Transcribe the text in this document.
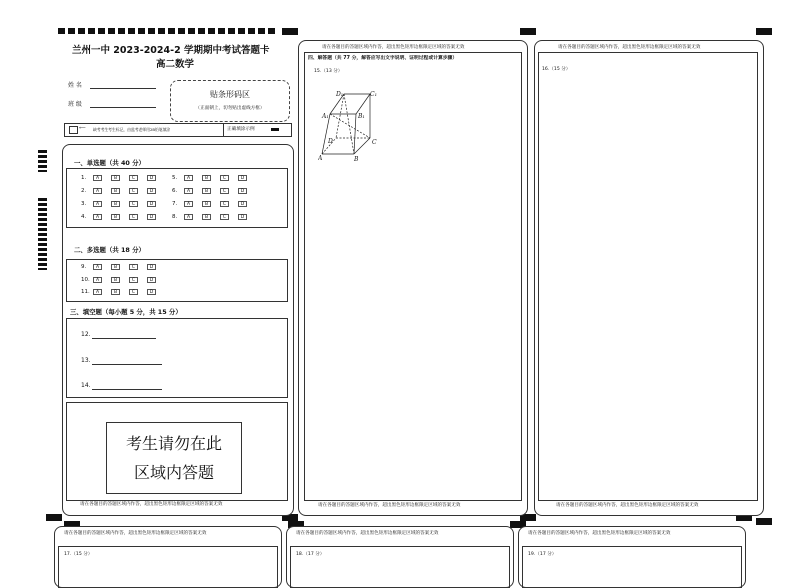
兰州一中 2023-2024-2 学期期中考试答题卡
高二数学
姓 名
班 级
贴条形码区
（正面朝上，切勿贴出虚线方框）
⟵ 缺考考生考生标记，由监考老师用2B铅笔填涂	正确填涂示例
一、单选题（共 40 分）
二、多选题（共 18 分）
三、填空题（每小题 5 分，共 15 分）
12.
13.
14.
考生请勿在此
区域内答题
请在各题目的答题区域内作答，超出黑色矩形边框限定区域的答案无效
请在各题目的答题区域内作答，超出黑色矩形边框限定区域的答案无效
四、解答题（共 77 分，解答应写出文字说明、证明过程或计算步骤）
15.（13 分）
D₁	C₁
A₁	B₁
D	C
A	B
请在各题目的答题区域内作答，超出黑色矩形边框限定区域的答案无效
请在各题目的答题区域内作答，超出黑色矩形边框限定区域的答案无效
16.（15 分）
请在各题目的答题区域内作答，超出黑色矩形边框限定区域的答案无效
请在各题目的答题区域内作答，超出黑色矩形边框限定区域的答案无效
17.（15 分）
请在各题目的答题区域内作答，超出黑色矩形边框限定区域的答案无效
18.（17 分）
请在各题目的答题区域内作答，超出黑色矩形边框限定区域的答案无效
19.（17 分）
1.	A	B	C	D
2.	A	B	C	D
3.	A	B	C	D
4.	A	B	C	D
5.	A	B	C	D
6.	A	B	C	D
7.	A	B	C	D
8.	A	B	C	D
9.	A	B	C	D
10.	A	B	C	D
11.	A	B	C	D
